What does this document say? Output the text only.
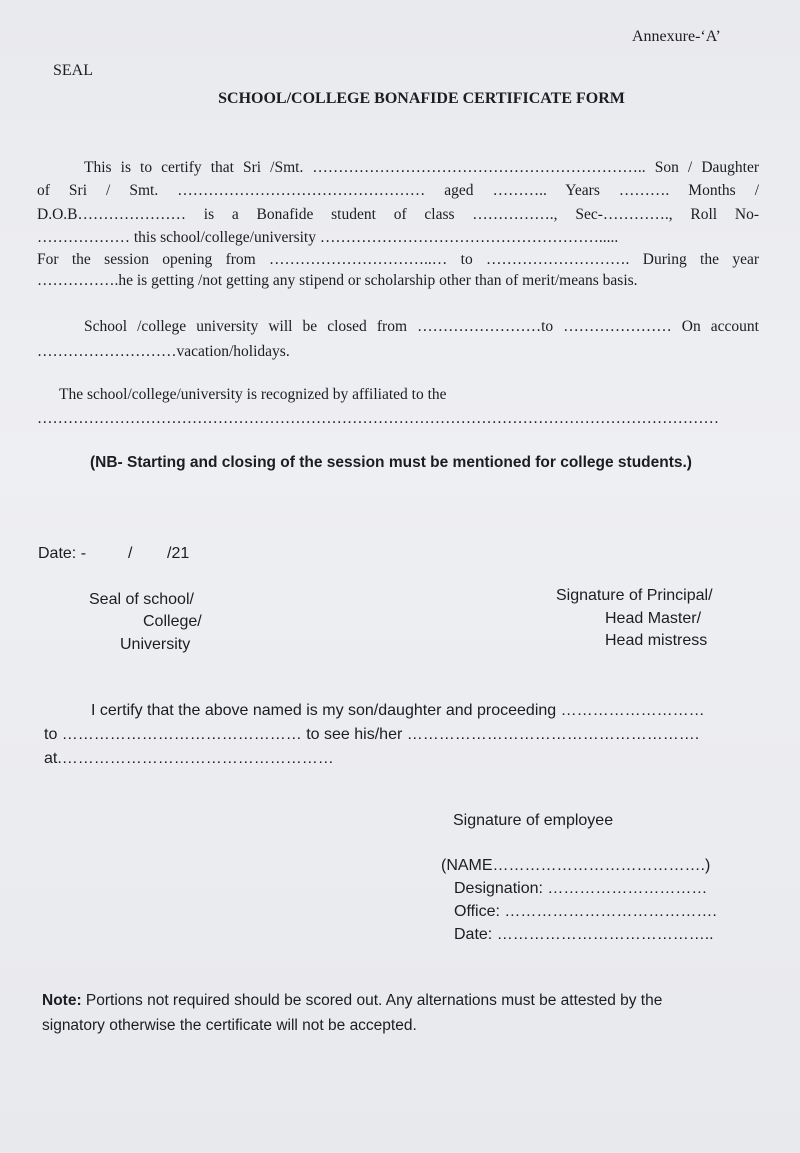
Annexure-‘A’
SEAL
SCHOOL/COLLEGE BONAFIDE CERTIFICATE FORM
This is to certify that Sri /Smt. ……………………………………………………….. Son / Daughter
of Sri / Smt. ………………………………………… aged ……….. Years ………. Months /
D.O.B………………… is a Bonafide student of class ……………., Sec-…………., Roll No-
……………… this school/college/university ……………………………………………….....
For the session opening from …………………………..… to ………………………. During the year
…………….he is getting /not getting any stipend or scholarship other than of merit/means basis.
School /college university will be closed from ……………………to ………………… On account
………………………vacation/holidays.
The school/college/university is recognized by affiliated to the
……………………………………………………………………………………………………………………
(NB- Starting and closing of the session must be mentioned for college students.)
Date: -	/ /21
Seal of school/
College/
University
Signature of Principal/
Head Master/
Head mistress
I certify that the above named is my son/daughter and proceeding ………………………
to ……………………………………… to see his/her ……………………………………………….
at.……………………………………………
Signature of employee
(NAME………………………………….)
Designation: …………………………
Office: ………………………………….
Date: …………………………………..
Note: Portions not required should be scored out. Any alternations must be attested by the
signatory otherwise the certificate will not be accepted.
